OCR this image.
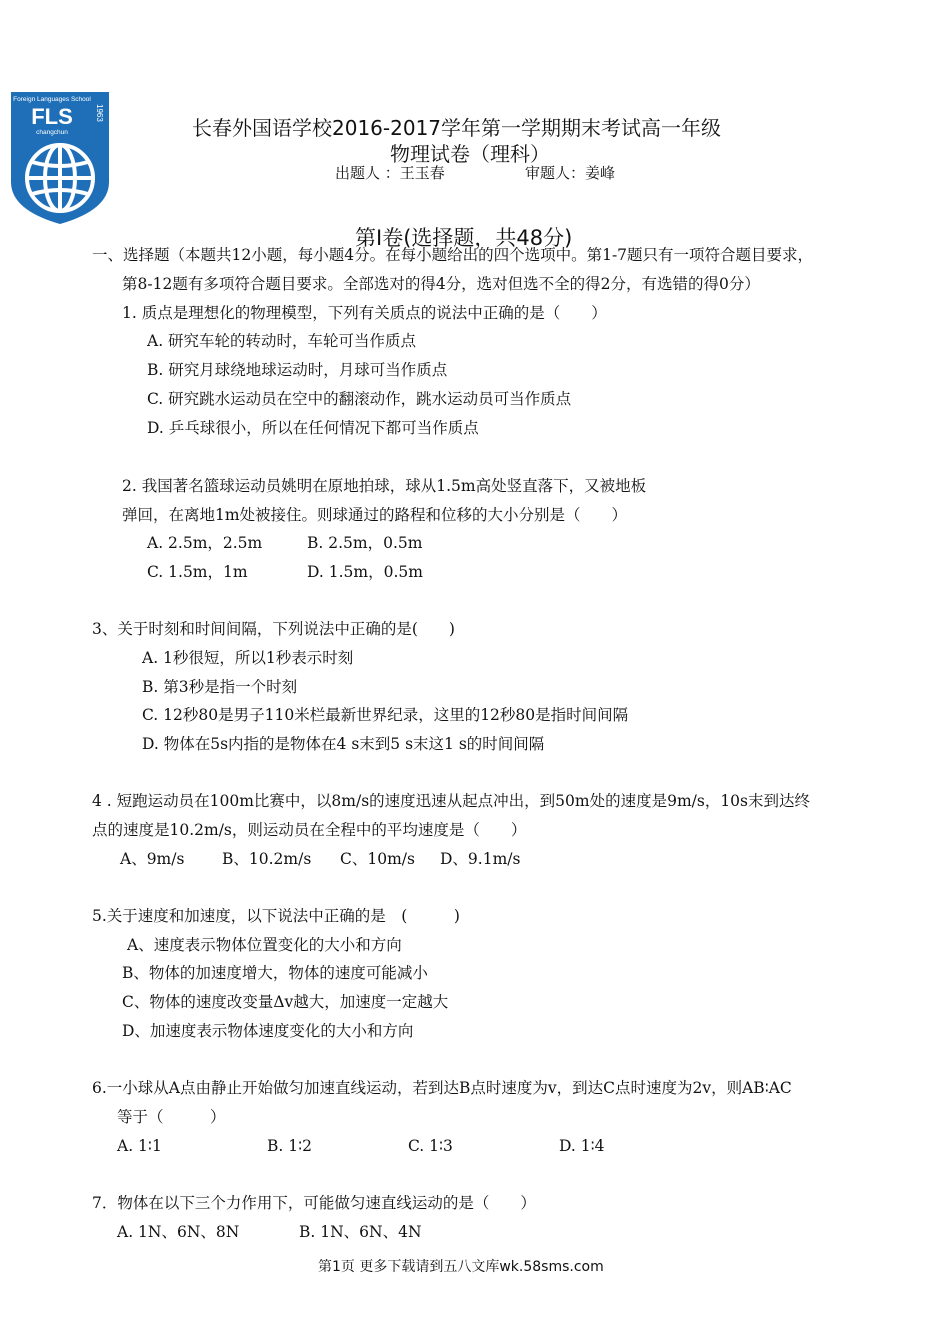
Foreign Languages School
FLS
changchun
1963
长春外国语学校2016-2017学年第一学期期末考试高一年级
物理试卷（理科）
出题人 ：王玉春	审题人：姜峰
第Ⅰ卷(选择题，共48分)
一、选择题（本题共12小题，每小题4分。在每小题给出的四个选项中。第1-7题只有一项符合题目要求，
第8-12题有多项符合题目要求。全部选对的得4分，选对但选不全的得2分，有选错的得0分）
1. 质点是理想化的物理模型，下列有关质点的说法中正确的是（　　）
A. 研究车轮的转动时，车轮可当作质点
B. 研究月球绕地球运动时，月球可当作质点
C. 研究跳水运动员在空中的翻滚动作，跳水运动员可当作质点
D. 乒乓球很小，所以在任何情况下都可当作质点
2. 我国著名篮球运动员姚明在原地拍球，球从1.5m高处竖直落下，又被地板
弹回，在离地1m处被接住。则球通过的路程和位移的大小分别是（　　）
A. 2.5m，2.5m	B. 2.5m，0.5m
C. 1.5m，1m	D. 1.5m，0.5m
3、关于时刻和时间间隔，下列说法中正确的是(　　)
A. 1秒很短，所以1秒表示时刻
B. 第3秒是指一个时刻
C. 12秒80是男子110米栏最新世界纪录，这里的12秒80是指时间间隔
D. 物体在5s内指的是物体在4 s末到5 s末这1 s的时间间隔
4 . 短跑运动员在100m比赛中，以8m/s的速度迅速从起点冲出，到50m处的速度是9m/s，10s末到达终
点的速度是10.2m/s，则运动员在全程中的平均速度是（　　）
A、9m/s B、10.2m/s C、10m/s D、9.1m/s
5.关于速度和加速度，以下说法中正确的是　(　　　)
A、速度表示物体位置变化的大小和方向
B、物体的加速度增大，物体的速度可能减小
C、物体的速度改变量Δv越大，加速度一定越大
D、加速度表示物体速度变化的大小和方向
6.一小球从A点由静止开始做匀加速直线运动，若到达B点时速度为v，到达C点时速度为2v，则AB∶AC
等于（　　　）
A. 1∶1	B. 1∶2	C. 1∶3	D. 1∶4
7．物体在以下三个力作用下，可能做匀速直线运动的是（　　）
A. 1N、6N、8N	B. 1N、6N、4N
第1页 更多下载请到五八文库wk.58sms.com
